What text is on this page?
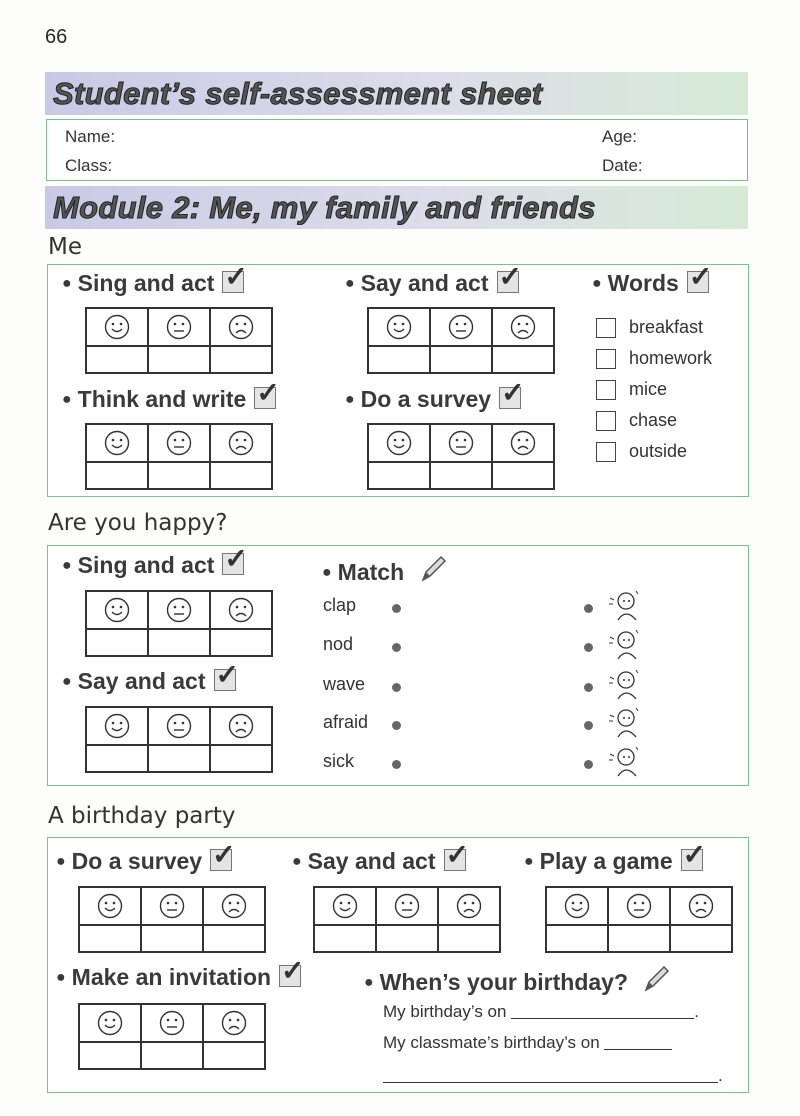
66
Student’s self-assessment sheet
Name:	Age:
Class:	Date:
Module 2: Me, my family and friends
Me
● Sing and act ✓	● Say and act ✓	● Words✓
breakfast
homework
mice
chase
outside
● Think and write ✓	● Do a survey✓
Are you happy?
● Sing and act✓
● Say and act✓
● Match
clap
nod
wave
afraid
sick
A birthday party
● Do a survey ✓	● Say and act ✓	● Play a game✓
● Make an invitation ✓	● When’s your birthday?
My birthday’s on	.
My classmate’s birthday’s on
.
